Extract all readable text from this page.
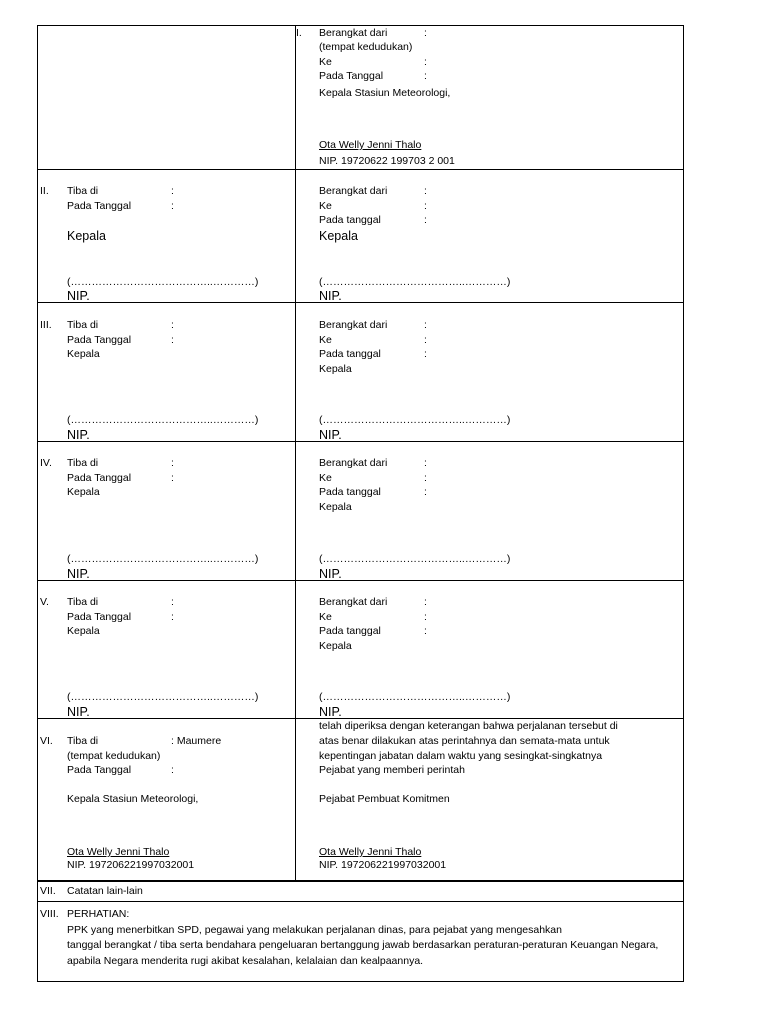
I. Berangkat dari	:
(tempat kedudukan)
Ke	:
Pada Tanggal	:
Kepala Stasiun Meteorologi,
Ota Welly Jenni Thalo
NIP. 19720622 199703 2 001
II. Tiba di	:
Pada Tanggal	:
Kepala
(…………………………………..…………)
NIP.
Berangkat dari	:
Ke	:
Pada tanggal	:
Kepala
(…………………………………..…………)
NIP.
III. Tiba di	:
Pada Tanggal	:
Kepala
(…………………………………..…………)
NIP.
Berangkat dari	:
Ke	:
Pada tanggal	:
Kepala
(…………………………………..…………)
NIP.
IV. Tiba di	:
Pada Tanggal	:
Kepala
(…………………………………..…………)
NIP.
Berangkat dari	:
Ke	:
Pada tanggal	:
Kepala
(…………………………………..…………)
NIP.
V. Tiba di	:
Pada Tanggal	:
Kepala
(…………………………………..…………)
NIP.
Berangkat dari	:
Ke	:
Pada tanggal	:
Kepala
(…………………………………..…………)
NIP.
VI. Tiba di	: Maumere
(tempat kedudukan)
Pada Tanggal	:
Kepala Stasiun Meteorologi,
Ota Welly Jenni Thalo
NIP. 197206221997032001
telah diperiksa dengan keterangan bahwa perjalanan tersebut di
atas benar dilakukan atas perintahnya dan semata-mata untuk
kepentingan jabatan dalam waktu yang sesingkat-singkatnya
Pejabat yang memberi perintah
Pejabat Pembuat Komitmen
Ota Welly Jenni Thalo
NIP. 197206221997032001
VII. Catatan lain-lain
VIII. PERHATIAN:
PPK yang menerbitkan SPD, pegawai yang melakukan perjalanan dinas, para pejabat yang mengesahkan
tanggal berangkat / tiba serta bendahara pengeluaran bertanggung jawab berdasarkan peraturan-peraturan Keuangan Negara,
apabila Negara menderita rugi akibat kesalahan, kelalaian dan kealpaannya.
